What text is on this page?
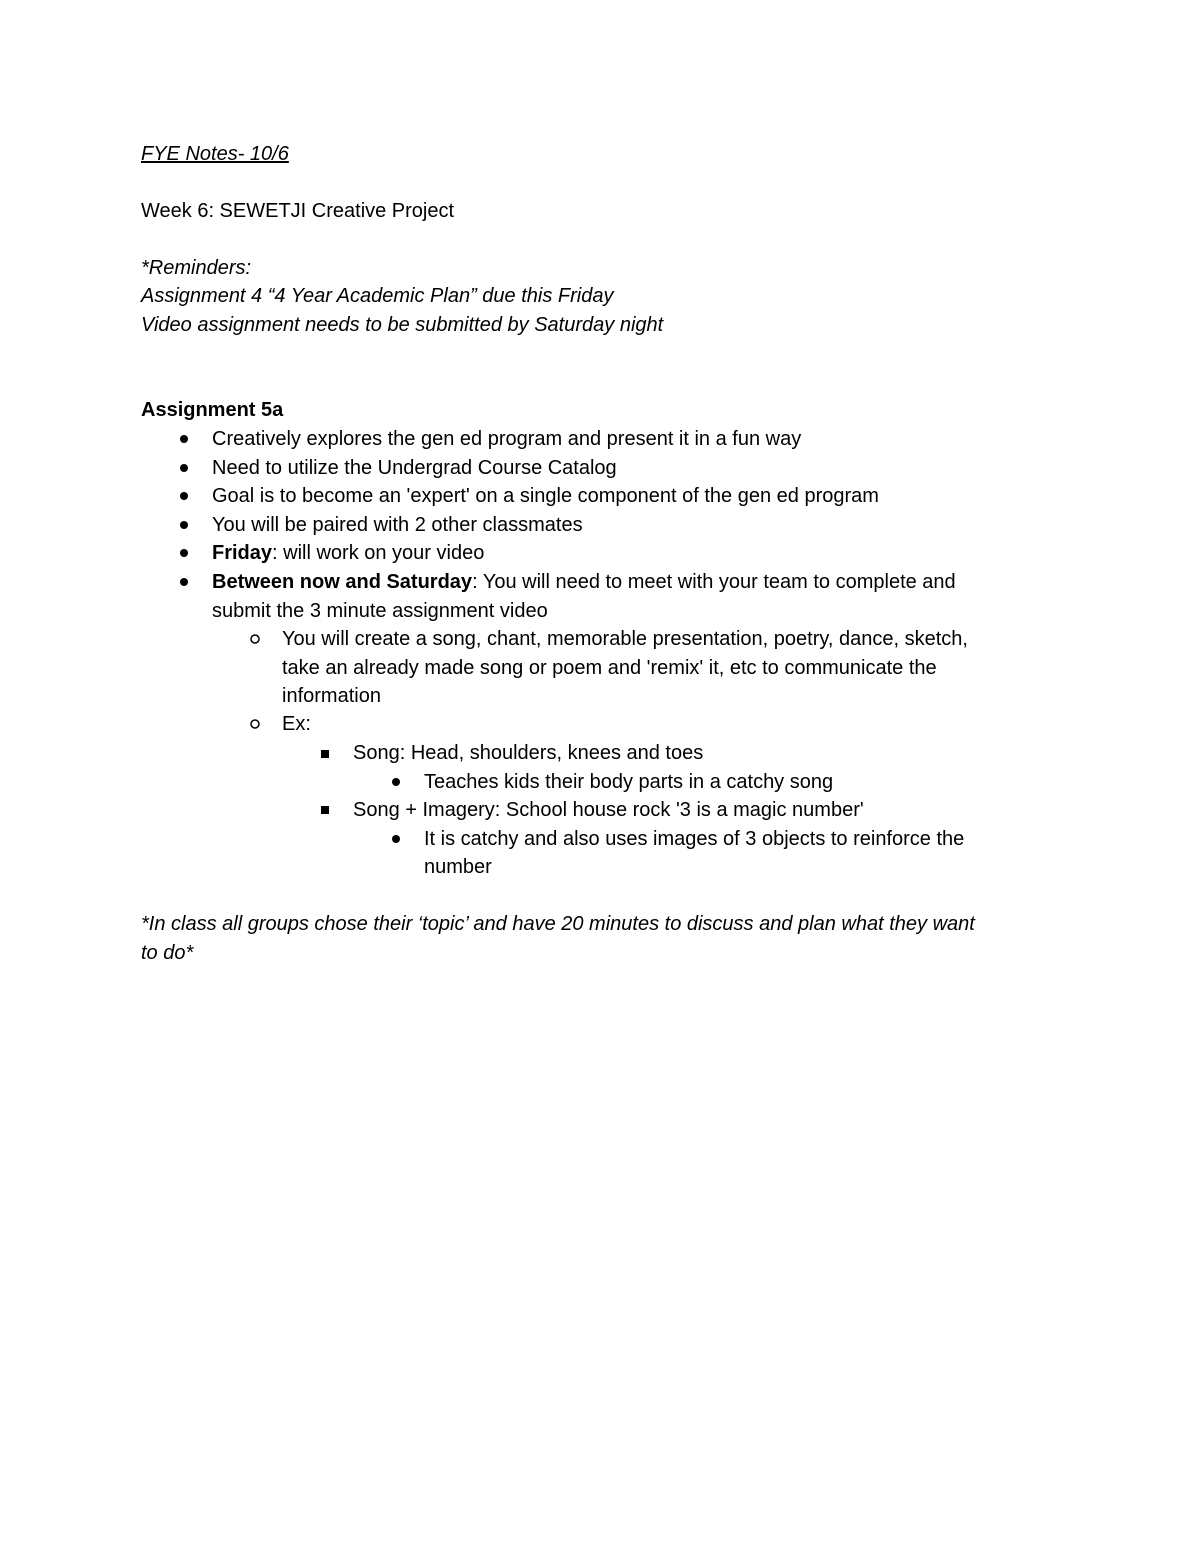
FYE Notes- 10/6
Week 6: SEWETJI Creative Project
*Reminders:
Assignment 4 “4 Year Academic Plan” due this Friday
Video assignment needs to be submitted by Saturday night
Assignment 5a
Creatively explores the gen ed program and present it in a fun way
Need to utilize the Undergrad Course Catalog
Goal is to become an 'expert' on a single component of the gen ed program
You will be paired with 2 other classmates
Friday: will work on your video
Between now and Saturday: You will need to meet with your team to complete and
submit the 3 minute assignment video
You will create a song, chant, memorable presentation, poetry, dance, sketch,
take an already made song or poem and 'remix' it, etc to communicate the
information
Ex:
Song: Head, shoulders, knees and toes
Teaches kids their body parts in a catchy song
Song + Imagery: School house rock '3 is a magic number'
It is catchy and also uses images of 3 objects to reinforce the
number
*In class all groups chose their ‘topic’ and have 20 minutes to discuss and plan what they want
to do*
